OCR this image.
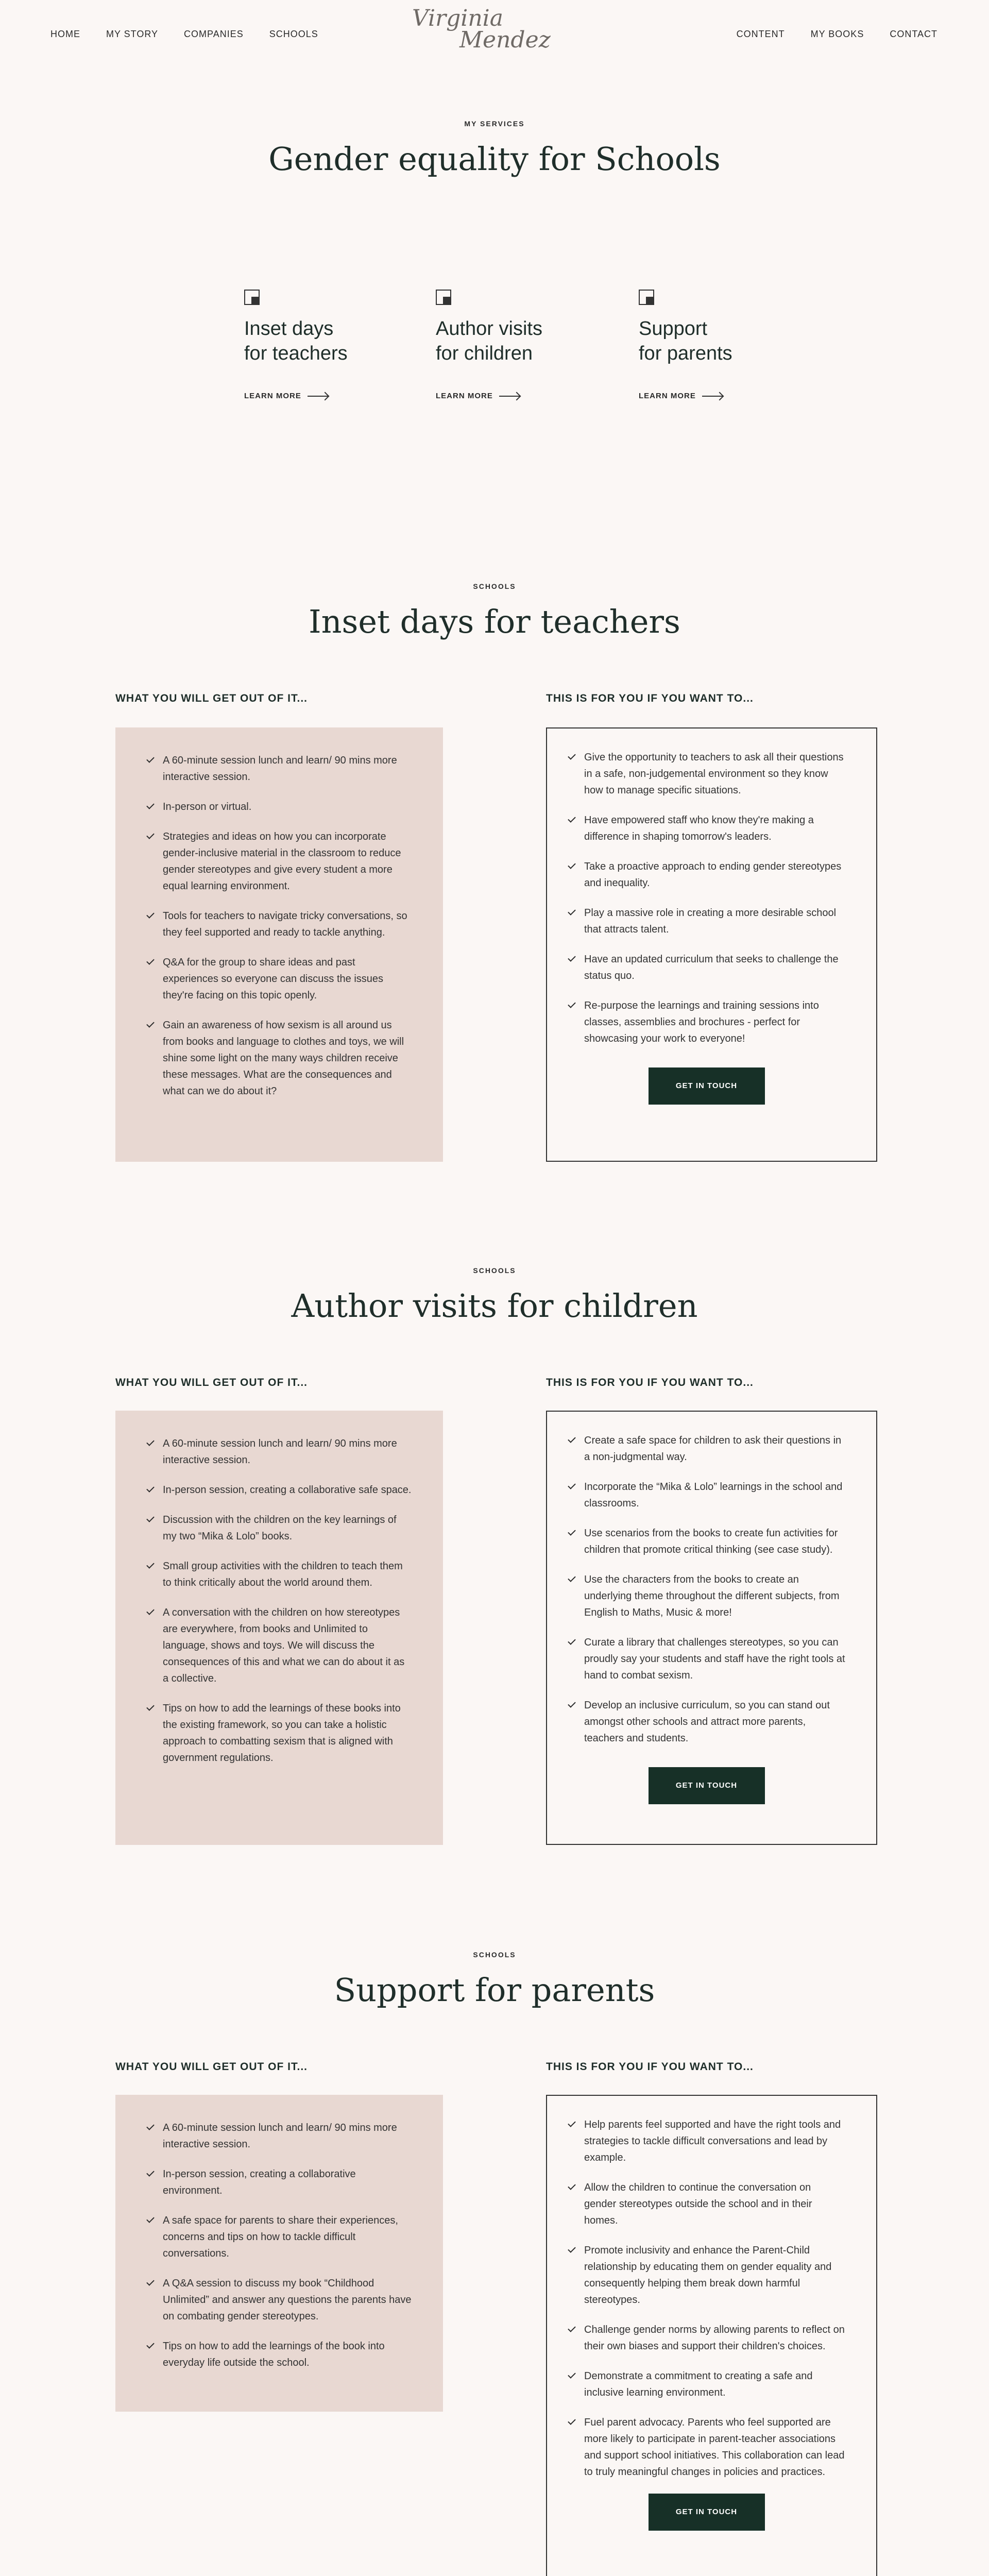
HOME	MY STORY	COMPANIES	SCHOOLS
Virginia
Mendez	CONTENT	MY BOOKS	CONTACT
MY SERVICES
Gender equality for Schools
Inset days
for teachers
LEARN MORE
Author visits
for children
LEARN MORE
Support
for parents
LEARN MORE
SCHOOLS
Inset days for teachers
WHAT YOU WILL GET OUT OF IT...	THIS IS FOR YOU IF YOU WANT TO...
A 60-minute session lunch and learn/ 90 mins more interactive session.
In-person or virtual.
Strategies and ideas on how you can incorporate gender-inclusive material in the classroom to reduce gender stereotypes and give every student a more equal learning environment.
Tools for teachers to navigate tricky conversations, so they feel supported and ready to tackle anything.
Q&A for the group to share ideas and past experiences so everyone can discuss the issues they're facing on this topic openly.
Gain an awareness of how sexism is all around us from books and language to clothes and toys, we will shine some light on the many ways children receive these messages. What are the consequences and what can we do about it?
Give the opportunity to teachers to ask all their questions in a safe, non-judgemental environment so they know how to manage specific situations.
Have empowered staff who know they're making a difference in shaping tomorrow's leaders.
Take a proactive approach to ending gender stereotypes and inequality.
Play a massive role in creating a more desirable school that attracts talent.
Have an updated curriculum that seeks to challenge the status quo.
Re-purpose the learnings and training sessions into classes, assemblies and brochures - perfect for showcasing your work to everyone!
GET IN TOUCH
SCHOOLS
Author visits for children
WHAT YOU WILL GET OUT OF IT...	THIS IS FOR YOU IF YOU WANT TO...
A 60-minute session lunch and learn/ 90 mins more interactive session.
In-person session, creating a collaborative safe space.
Discussion with the children on the key learnings of my two “Mika & Lolo” books.
Small group activities with the children to teach them to think critically about the world around them.
A conversation with the children on how stereotypes are everywhere, from books and Unlimited to language, shows and toys. We will discuss the consequences of this and what we can do about it as a collective.
Tips on how to add the learnings of these books into the existing framework, so you can take a holistic approach to combatting sexism that is aligned with government regulations.
Create a safe space for children to ask their questions in a non-judgmental way.
Incorporate the “Mika & Lolo” learnings in the school and classrooms.
Use scenarios from the books to create fun activities for children that promote critical thinking (see case study).
Use the characters from the books to create an underlying theme throughout the different subjects, from English to Maths, Music & more!
Curate a library that challenges stereotypes, so you can proudly say your students and staff have the right tools at hand to combat sexism.
Develop an inclusive curriculum, so you can stand out amongst other schools and attract more parents, teachers and students.
GET IN TOUCH
SCHOOLS
Support for parents
WHAT YOU WILL GET OUT OF IT...	THIS IS FOR YOU IF YOU WANT TO...
A 60-minute session lunch and learn/ 90 mins more interactive session.
In-person session, creating a collaborative environment.
A safe space for parents to share their experiences, concerns and tips on how to tackle difficult conversations.
A Q&A session to discuss my book “Childhood Unlimited” and answer any questions the parents have on combating gender stereotypes.
Tips on how to add the learnings of the book into everyday life outside the school.
Help parents feel supported and have the right tools and strategies to tackle difficult conversations and lead by example.
Allow the children to continue the conversation on gender stereotypes outside the school and in their homes.
Promote inclusivity and enhance the Parent-Child relationship by educating them on gender equality and consequently helping them break down harmful stereotypes.
Challenge gender norms by allowing parents to reflect on their own biases and support their children's choices.
Demonstrate a commitment to creating a safe and inclusive learning environment.
Fuel parent advocacy. Parents who feel supported are more likely to participate in parent-teacher associations and support school initiatives. This collaboration can lead to truly meaningful changes in policies and practices.
GET IN TOUCH
